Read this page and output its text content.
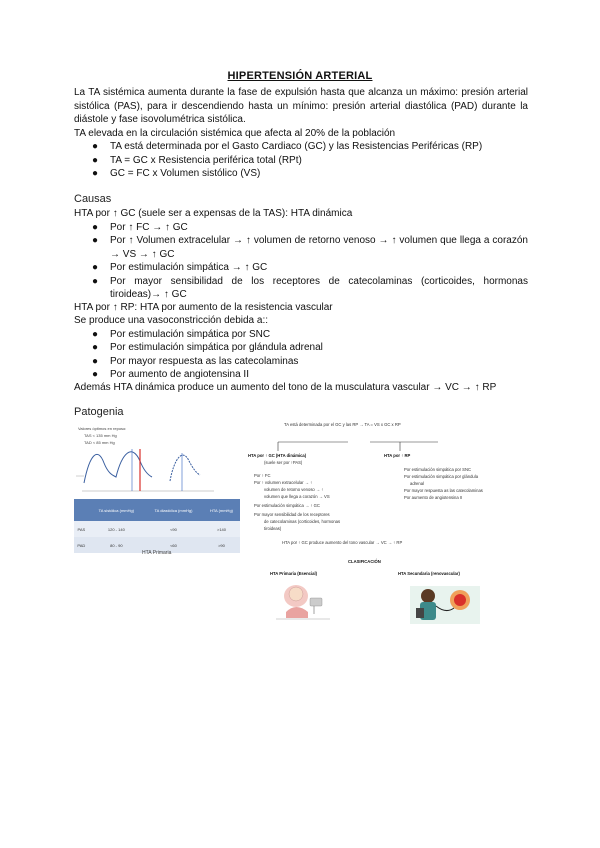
HIPERTENSIÓN ARTERIAL
La TA sistémica aumenta durante la fase de expulsión hasta que alcanza un máximo: presión arterial sistólica (PAS), para ir descendiendo hasta un mínimo: presión arterial diastólica (PAD) durante la diástole y fase isovolumétrica sistólica.
TA elevada en la circulación sistémica que afecta al 20% de la población
● TA está determinada por el Gasto Cardiaco (GC) y las Resistencias Periféricas (RP)
● TA = GC x Resistencia periférica total (RPt)
● GC = FC x Volumen sistólico (VS)
Causas
HTA por ↑ GC (suele ser a expensas de la TAS): HTA dinámica
● Por ↑ FC → ↑ GC
● Por ↑ Volumen extracelular → ↑ volumen de retorno venoso → ↑ volumen que llega a corazón → VS → ↑ GC
● Por estimulación simpática → ↑ GC
● Por mayor sensibilidad de los receptores de catecolaminas (corticoides, hormonas tiroideas)→ ↑ GC
HTA por ↑ RP: HTA por aumento de la resistencia vascular
Se produce una vasoconstricción debida a::
● Por estimulación simpática por SNC
● Por estimulación simpática por glándula adrenal
● Por mayor respuesta as las catecolaminas
● Por aumento de angiotensina II
Además HTA dinámica produce un aumento del tono de la musculatura vascular → VC → ↑ RP
Patogenia
Valores óptimos en reposo:
TAS < 135 mm Hg
TAD < 85 mm Hg
	TA sistólica (mmHg)	TA diastólica (mmHg)	HTA (mmHg)
PAS	120 - 140	<90	>140
PAD	80 - 90	<60	>90
HTA Primaria
TA está determinada por el GC y las RP → TA = VS x GC x RP
HTA por ↑ GC (HTA dinámica)
(suele ser por ↑PAS)
Por ↑ FC
Por ↑ volumen extracelular → ↑
volumen de retorno venoso → ↑
volumen que llega a corazón → VS
Por estimulación simpática → ↑ GC
Por mayor sensibilidad de los receptores
de catecolaminas (corticoides, hormonas
tiroideas)
HTA por ↑ RP
Por estimulación simpática por SNC
Por estimulación simpática por glándula
adrenal
Por mayor respuesta as las catecolaminas
Por aumento de angiotensina II
HTA por ↑ GC produce aumento del tono vascular → VC → ↑ RP
CLASIFICACIÓN
HTA Primaria (Esencial)	HTA Secundaria (renovascular)
